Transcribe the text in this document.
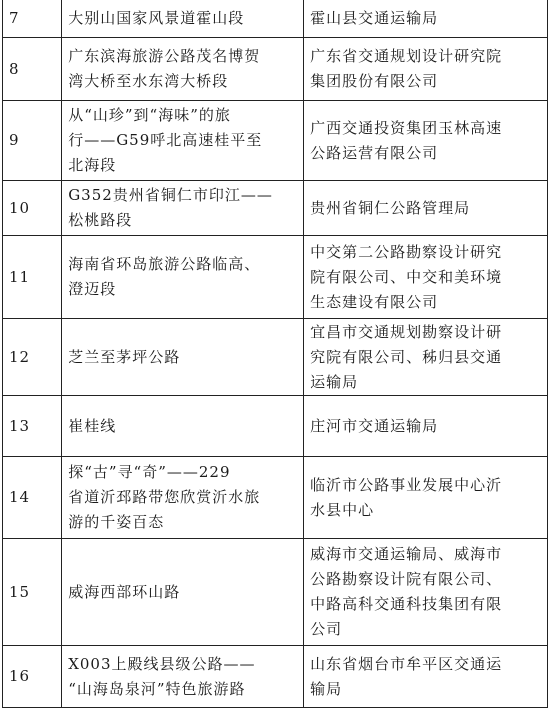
7	大别山国家风景道霍山段	霍山县交通运输局

8	广东滨海旅游公路茂名博贺
湾大桥至水东湾大桥段	广东省交通规划设计研究院
集团股份有限公司

9	从“山珍”到“海味”的旅
行——G59呼北高速桂平至
北海段	广西交通投资集团玉林高速
公路运营有限公司

10	G352贵州省铜仁市印江——
松桃路段	贵州省铜仁公路管理局

11	海南省环岛旅游公路临高、
澄迈段	中交第二公路勘察设计研究
院有限公司、中交和美环境
生态建设有限公司

12	芝兰至茅坪公路	宜昌市交通规划勘察设计研
究院有限公司、秭归县交通
运输局

13	崔桂线	庄河市交通运输局

14	探“古”寻“奇”——229
省道沂邳路带您欣赏沂水旅
游的千姿百态	临沂市公路事业发展中心沂
水县中心

15	威海西部环山路	威海市交通运输局、威海市
公路勘察设计院有限公司、
中路高科交通科技集团有限
公司

16	X003上殿线县级公路——
“山海岛泉河”特色旅游路	山东省烟台市牟平区交通运
输局
